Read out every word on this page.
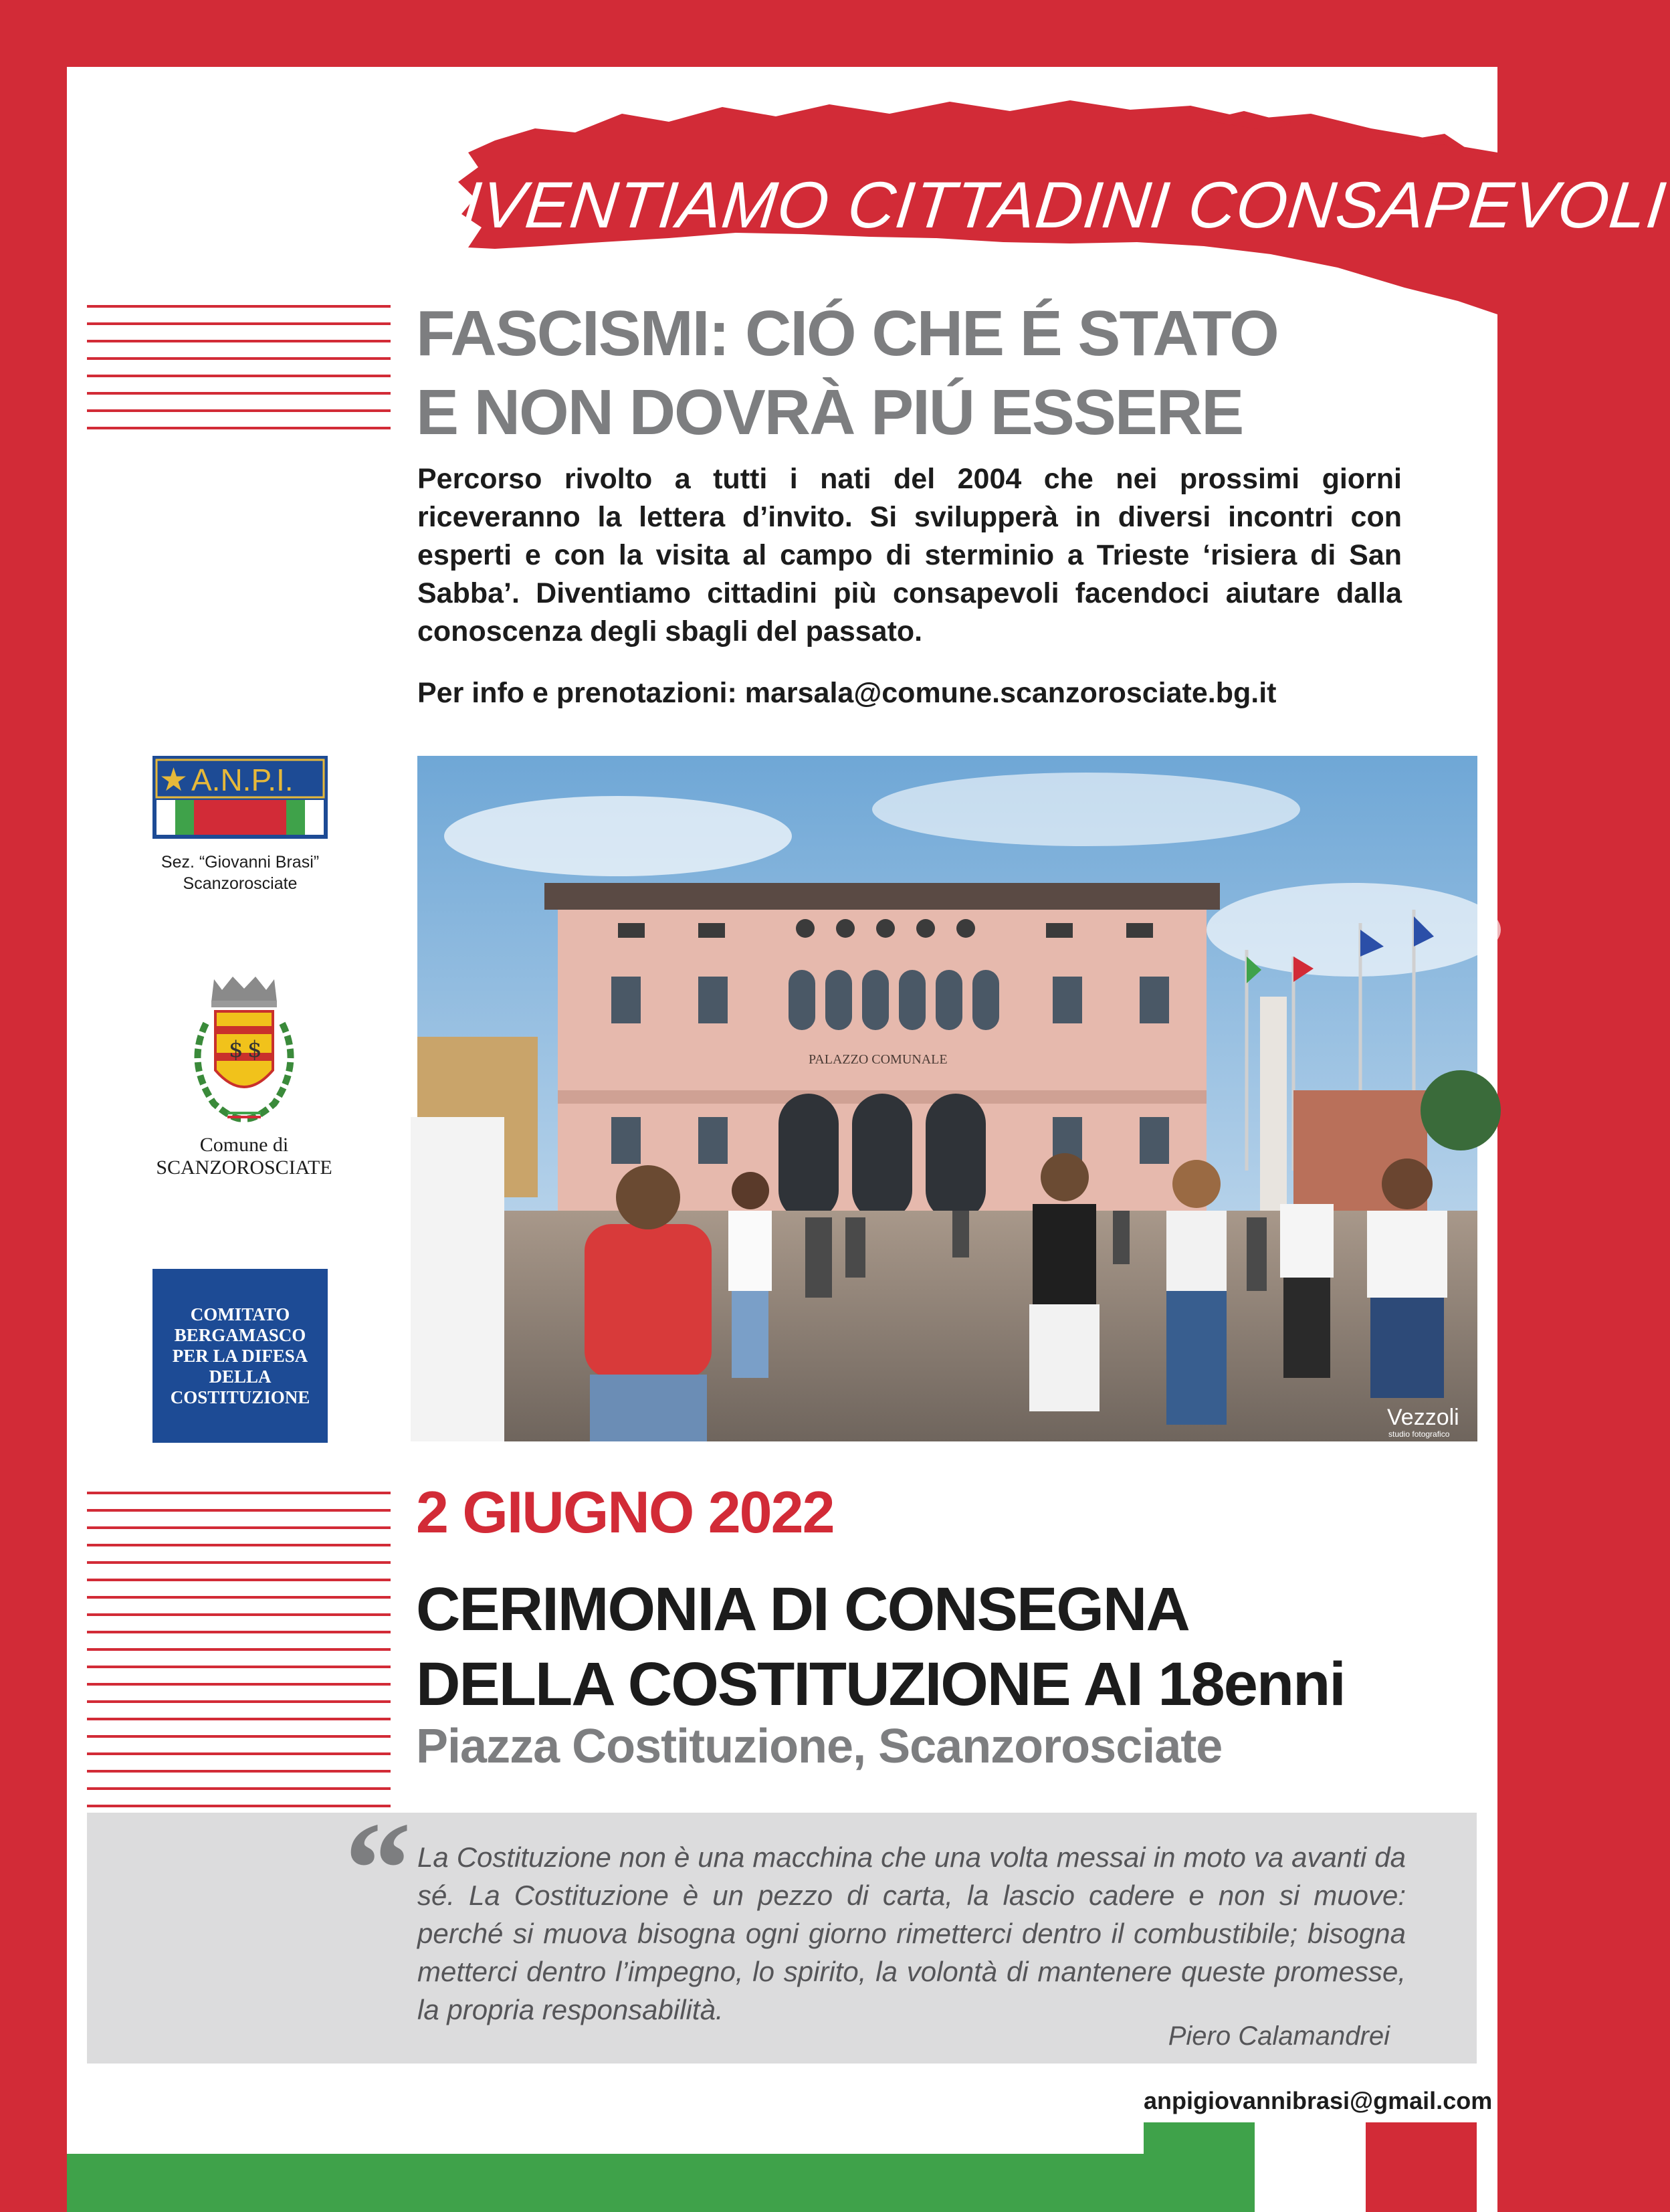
DIVENTIAMO CITTADINI CONSAPEVOLI
FASCISMI: CIÓ CHE É STATO
E NON DOVRÀ PIÚ ESSERE
Percorso rivolto a tutti i nati del 2004 che nei prossimi giorni riceveranno la lettera d’invito. Si svilupperà in diversi incontri con esperti e con la visita al campo di sterminio a Trieste ‘risiera di San Sabba’. Diventiamo cittadini più consapevoli facendoci aiutare dalla conoscenza degli sbagli del passato.
Per info e prenotazioni: marsala@comune.scanzorosciate.bg.it
★ A.N.P.I.
Sez. “Giovanni Brasi”
Scanzorosciate
$ $
Comune di
SCANZOROSCIATE
COMITATO
BERGAMASCO
PER LA DIFESA
DELLA
COSTITUZIONE
PALAZZO COMUNALE
Vezzoli
studio fotografico
2 GIUGNO 2022
CERIMONIA DI CONSEGNA
DELLA COSTITUZIONE AI 18enni
Piazza Costituzione, Scanzorosciate
“ La Costituzione non è una macchina che una volta messai in moto va avanti da sé. La Costituzione è un pezzo di carta, la lascio cadere e non si muove: perché si muova bisogna ogni giorno rimetterci dentro il combustibile; bisogna metterci dentro l’impegno, lo spirito, la volontà di mantenere queste promesse, la propria responsabilità.
Piero Calamandrei
anpigiovannibrasi@gmail.com
